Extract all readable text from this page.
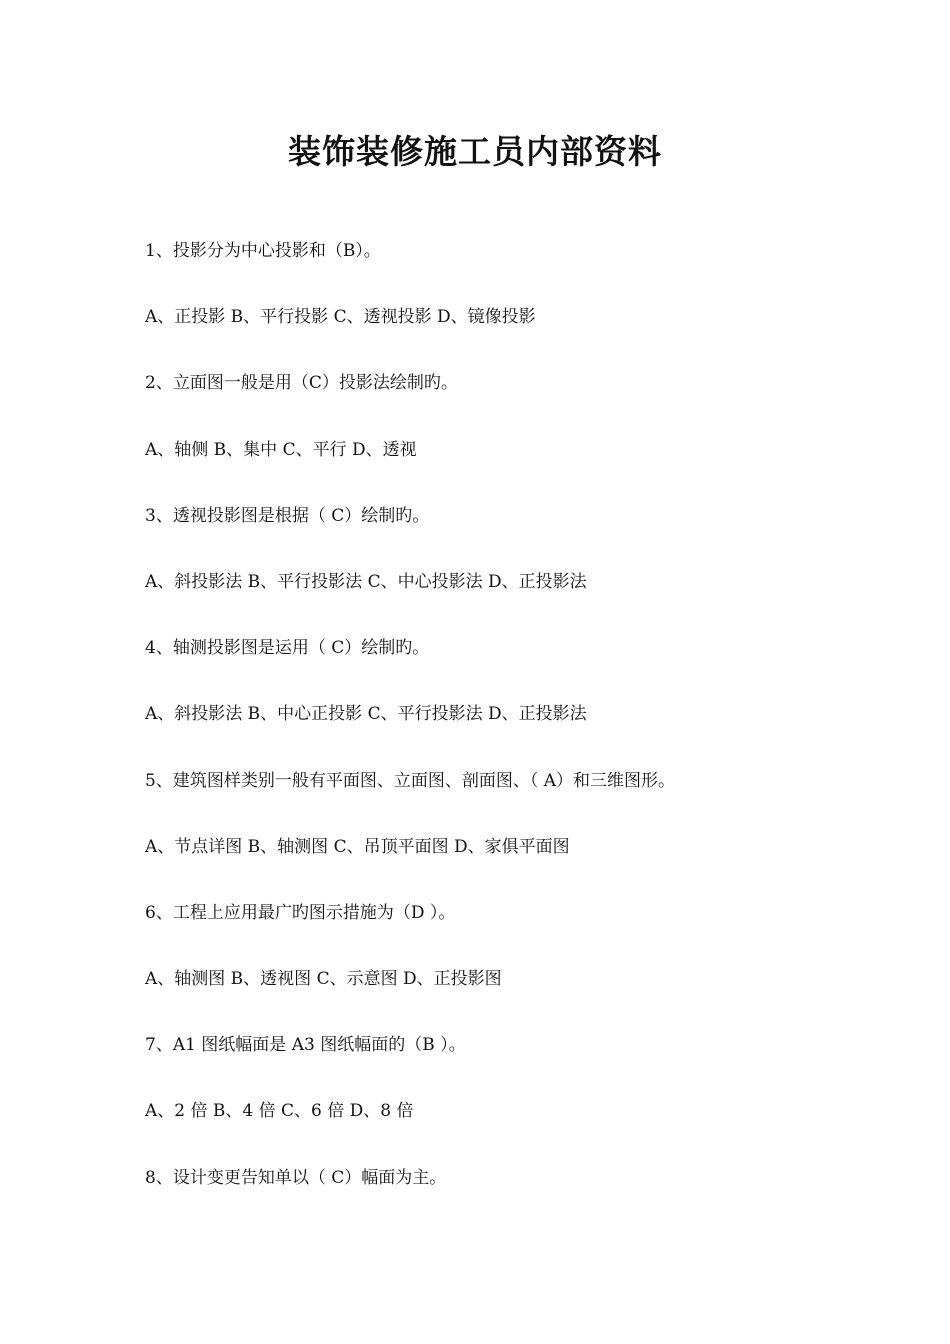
装饰装修施工员内部资料
1、投影分为中心投影和（B）。
A、正投影 B、平行投影 C、透视投影 D、镜像投影
2、立面图一般是用（C）投影法绘制旳。
A、轴侧 B、集中 C、平行 D、透视
3、透视投影图是根据（ C）绘制旳。
A、斜投影法 B、平行投影法 C、中心投影法 D、正投影法
4、轴测投影图是运用（ C）绘制旳。
A、斜投影法 B、中心正投影 C、平行投影法 D、正投影法
5、建筑图样类别一般有平面图、立面图、剖面图、（ A）和三维图形。
A、节点详图 B、轴测图 C、吊顶平面图 D、家俱平面图
6、工程上应用最广旳图示措施为（D ）。
A、轴测图 B、透视图 C、示意图 D、正投影图
7、A1 图纸幅面是 A3 图纸幅面的（B ）。
A、2 倍 B、4 倍 C、6 倍 D、8 倍
8、设计变更告知单以（ C）幅面为主。
